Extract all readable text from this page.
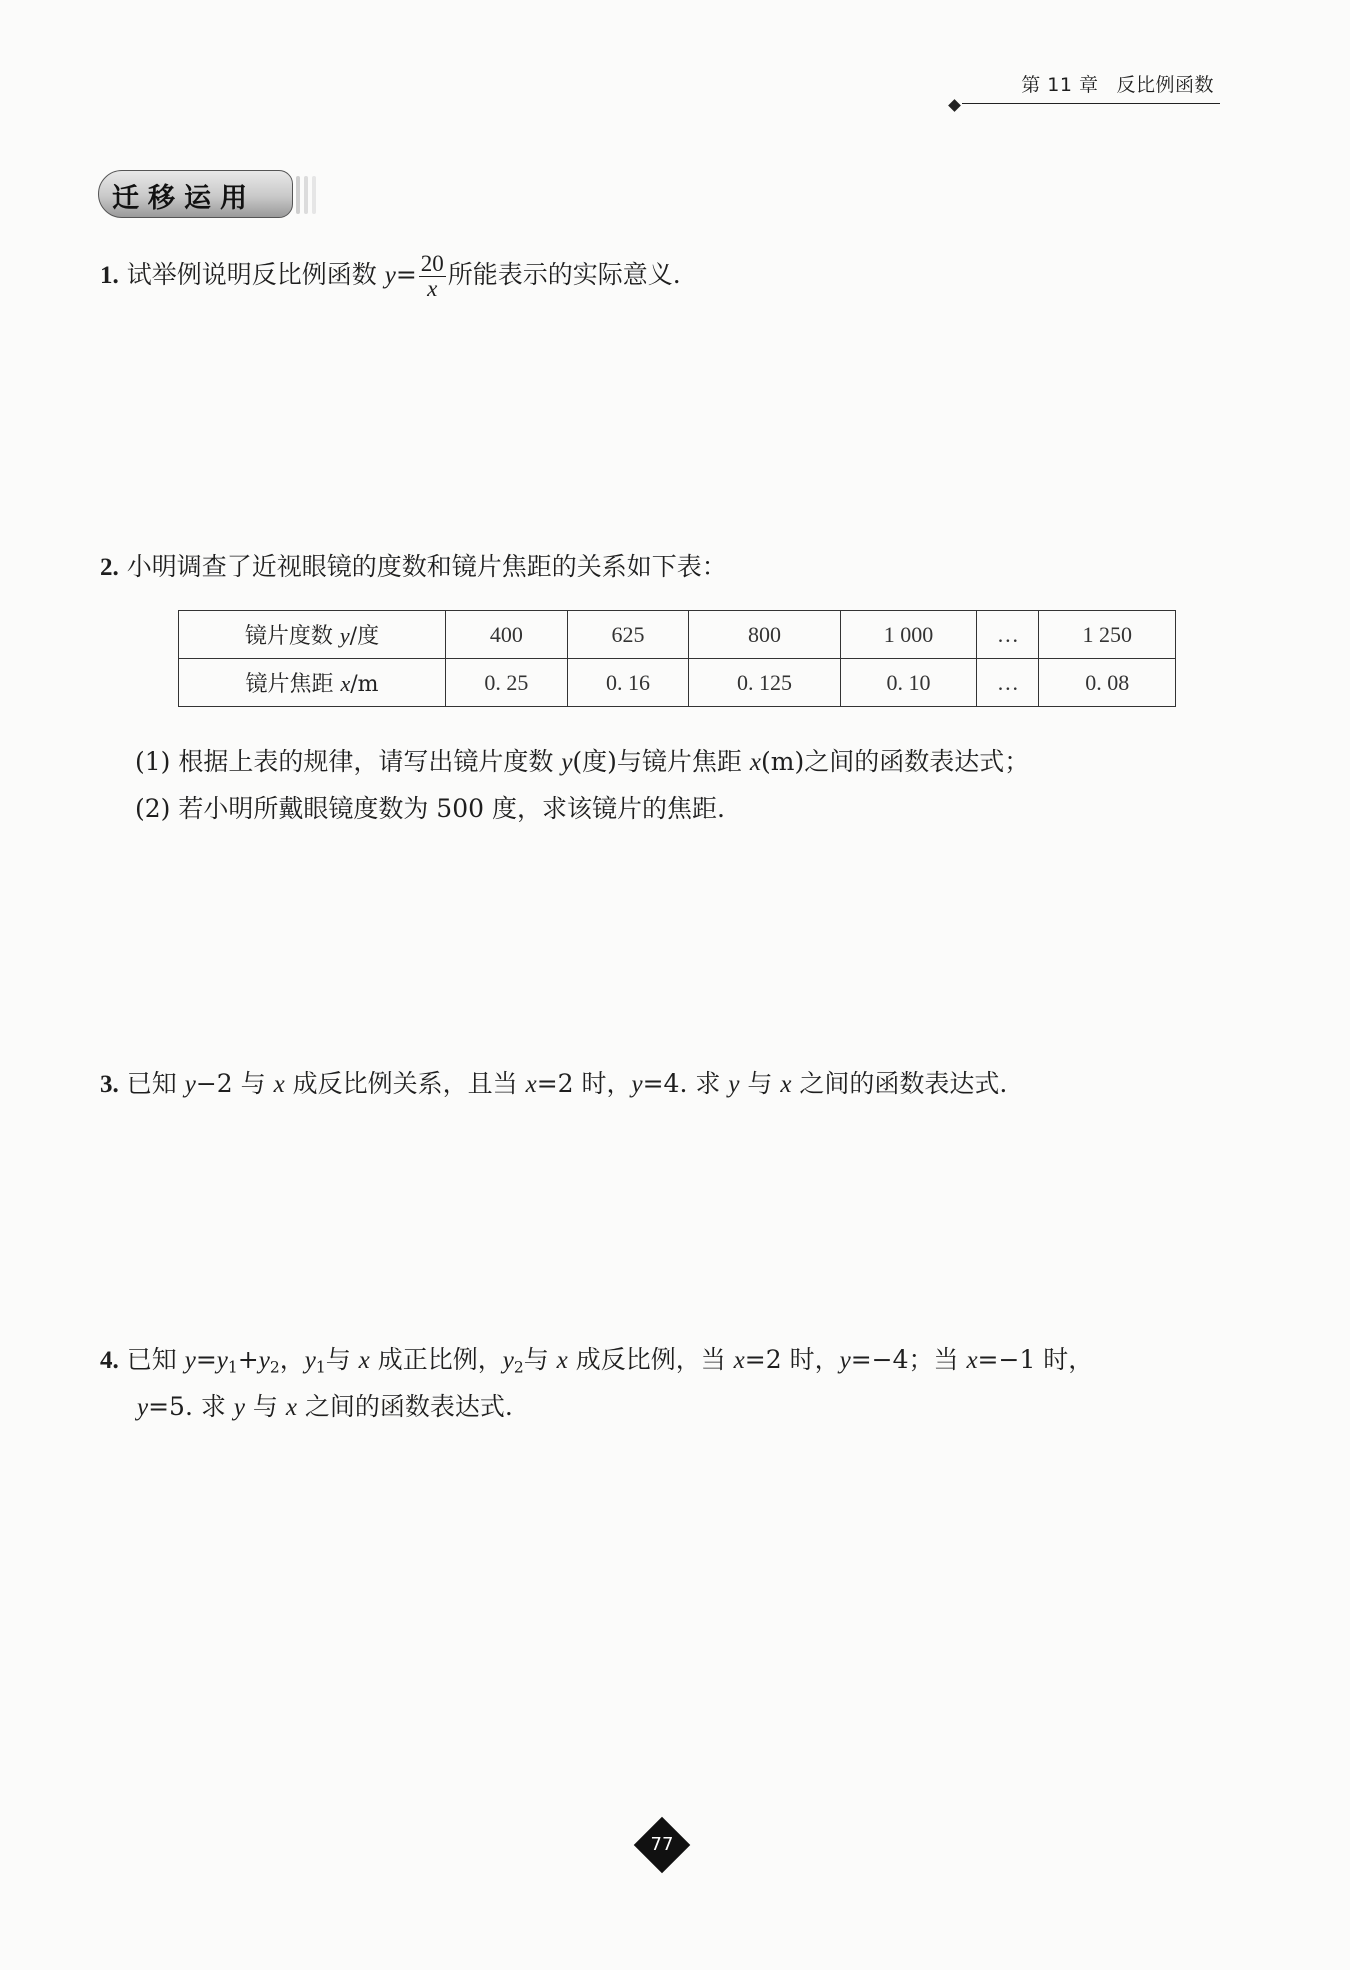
第 11 章 反比例函数
迁移运用
1. 试举例说明反比例函数 $y= \frac{20}{x}$ 所能表示的实际意义.
2. 小明调查了近视眼镜的度数和镜片焦距的关系如下表：
镜片度数 y/度	400	625	800	1 000	…	1 250
镜片焦距 x/m	0. 25	0. 16	0. 125	0. 10	…	0. 08
(1) 根据上表的规律，请写出镜片度数 y(度)与镜片焦距 x(m)之间的函数表达式；
(2) 若小明所戴眼镜度数为 500 度，求该镜片的焦距.
3. 已知 y−2 与 x 成反比例关系，且当 x=2 时，y=4. 求 y 与 x 之间的函数表达式.
4. 已知 $y=y_1+y_2$，$y_1$与 x 成正比例，$y_2$与 x 成反比例，当 x=2 时，y=−4；当 x=−1 时，
y=5. 求 y 与 x 之间的函数表达式.
77
